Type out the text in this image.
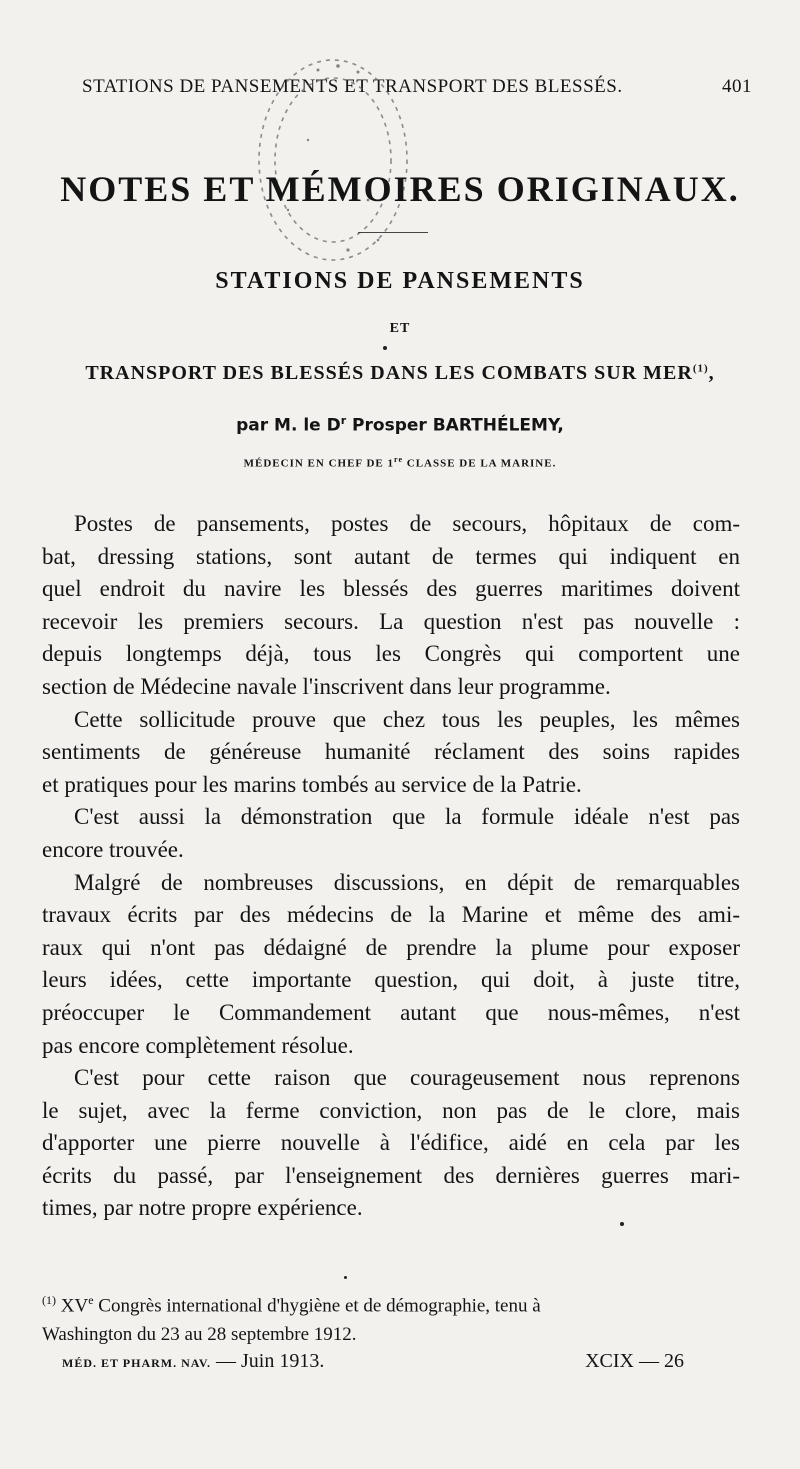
STATIONS DE PANSEMENTS ET TRANSPORT DES BLESSÉS.	401
NOTES ET MÉMOIRES ORIGINAUX.
STATIONS DE PANSEMENTS
ET
TRANSPORT DES BLESSÉS DANS LES COMBATS SUR MER$^{(1)}$,
par M. le $D^r$ Prosper BARTHÉLEMY,
MÉDECIN EN CHEF DE 1re CLASSE DE LA MARINE.
Postes de pansements, postes de secours, hôpitaux de com-
bat, dressing stations, sont autant de termes qui indiquent en
quel endroit du navire les blessés des guerres maritimes doivent
recevoir les premiers secours. La question n'est pas nouvelle :
depuis longtemps déjà, tous les Congrès qui comportent une
section de Médecine navale l'inscrivent dans leur programme.
Cette sollicitude prouve que chez tous les peuples, les mêmes
sentiments de généreuse humanité réclament des soins rapides
et pratiques pour les marins tombés au service de la Patrie.
C'est aussi la démonstration que la formule idéale n'est pas
encore trouvée.
Malgré de nombreuses discussions, en dépit de remarquables
travaux écrits par des médecins de la Marine et même des ami-
raux qui n'ont pas dédaigné de prendre la plume pour exposer
leurs idées, cette importante question, qui doit, à juste titre,
préoccuper le Commandement autant que nous-mêmes, n'est
pas encore complètement résolue.
C'est pour cette raison que courageusement nous reprenons
le sujet, avec la ferme conviction, non pas de le clore, mais
d'apporter une pierre nouvelle à l'édifice, aidé en cela par les
écrits du passé, par l'enseignement des dernières guerres mari-
times, par notre propre expérience.
$^{(1)}$ XVe Congrès international d'hygiène et de démographie, tenu à
Washington du 23 au 28 septembre 1912.
MÉD. ET PHARM. NAV. — Juin 1913.	XCIX — 26
